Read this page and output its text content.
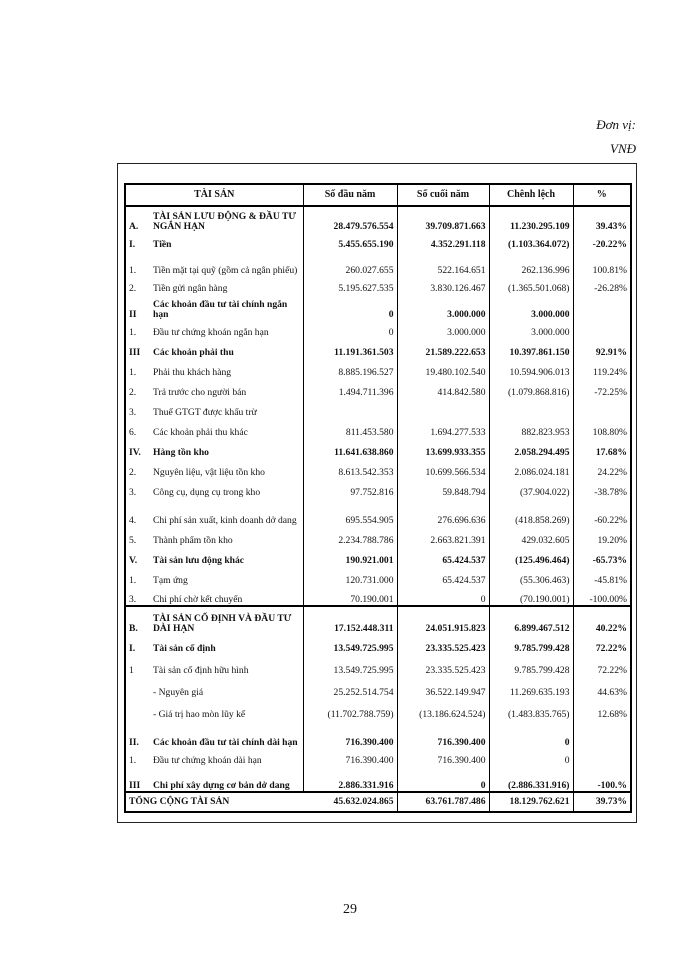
Đơn vị:
VNĐ
TÀI SẢN		Số đầu năm	Số cuối năm	Chênh lệch	%
A.	TÀI SẢN LƯU ĐỘNG & ĐẦU TƯ NGẮN HẠN	28.479.576.554	39.709.871.663	11.230.295.109	39.43%
I.	Tiền	5.455.655.190	4.352.291.118	(1.103.364.072)	-20.22%
1.	Tiền mặt tại quỹ (gồm cả ngân phiếu)	260.027.655	522.164.651	262.136.996	100.81%
2.	Tiền gửi ngân hàng	5.195.627.535	3.830.126.467	(1.365.501.068)	-26.28%
II	Các khoản đầu tư tài chính ngắn hạn	0	3.000.000	3.000.000	
1.	Đầu tư chứng khoán ngắn hạn	0	3.000.000	3.000.000	
III	Các khoản phải thu	11.191.361.503	21.589.222.653	10.397.861.150	92.91%
1.	Phải thu khách hàng	8.885.196.527	19.480.102.540	10.594.906.013	119.24%
2.	Trả trước cho người bán	1.494.711.396	414.842.580	(1.079.868.816)	-72.25%
3.	Thuế GTGT được khấu trừ				
6.	Các khoản phải thu khác	811.453.580	1.694.277.533	882.823.953	108.80%
IV.	Hàng tồn kho	11.641.638.860	13.699.933.355	2.058.294.495	17.68%
2.	Nguyên liệu, vật liệu tồn kho	8.613.542.353	10.699.566.534	2.086.024.181	24.22%
3.	Công cụ, dụng cụ trong kho	97.752.816	59.848.794	(37.904.022)	-38.78%
4.	Chi phí sản xuất, kinh doanh dở dang	695.554.905	276.696.636	(418.858.269)	-60.22%
5.	Thành phẩm tồn kho	2.234.788.786	2.663.821.391	429.032.605	19.20%
V.	Tài sản lưu động khác	190.921.001	65.424.537	(125.496.464)	-65.73%
1.	Tạm ứng	120.731.000	65.424.537	(55.306.463)	-45.81%
3.	Chi phí chờ kết chuyển	70.190.001	0	(70.190.001)	-100.00%
B.	TÀI SẢN CỐ ĐỊNH VÀ ĐẦU TƯ DÀI HẠN	17.152.448.311	24.051.915.823	6.899.467.512	40.22%
I.	Tài sản cố định	13.549.725.995	23.335.525.423	9.785.799.428	72.22%
1	Tài sản cố định hữu hình	13.549.725.995	23.335.525.423	9.785.799.428	72.22%
	- Nguyên giá	25.252.514.754	36.522.149.947	11.269.635.193	44.63%
	- Giá trị hao mòn lũy kế	(11.702.788.759)	(13.186.624.524)	(1.483.835.765)	12.68%
II.	Các khoản đầu tư tài chính dài hạn	716.390.400	716.390.400	0	
1.	Đầu tư chứng khoán dài hạn	716.390.400	716.390.400	0	
III	Chi phí xây dựng cơ bản dở dang	2.886.331.916	0	(2.886.331.916)	-100.%
TỔNG CỘNG TÀI SẢN		45.632.024.865	63.761.787.486	18.129.762.621	39.73%
29
